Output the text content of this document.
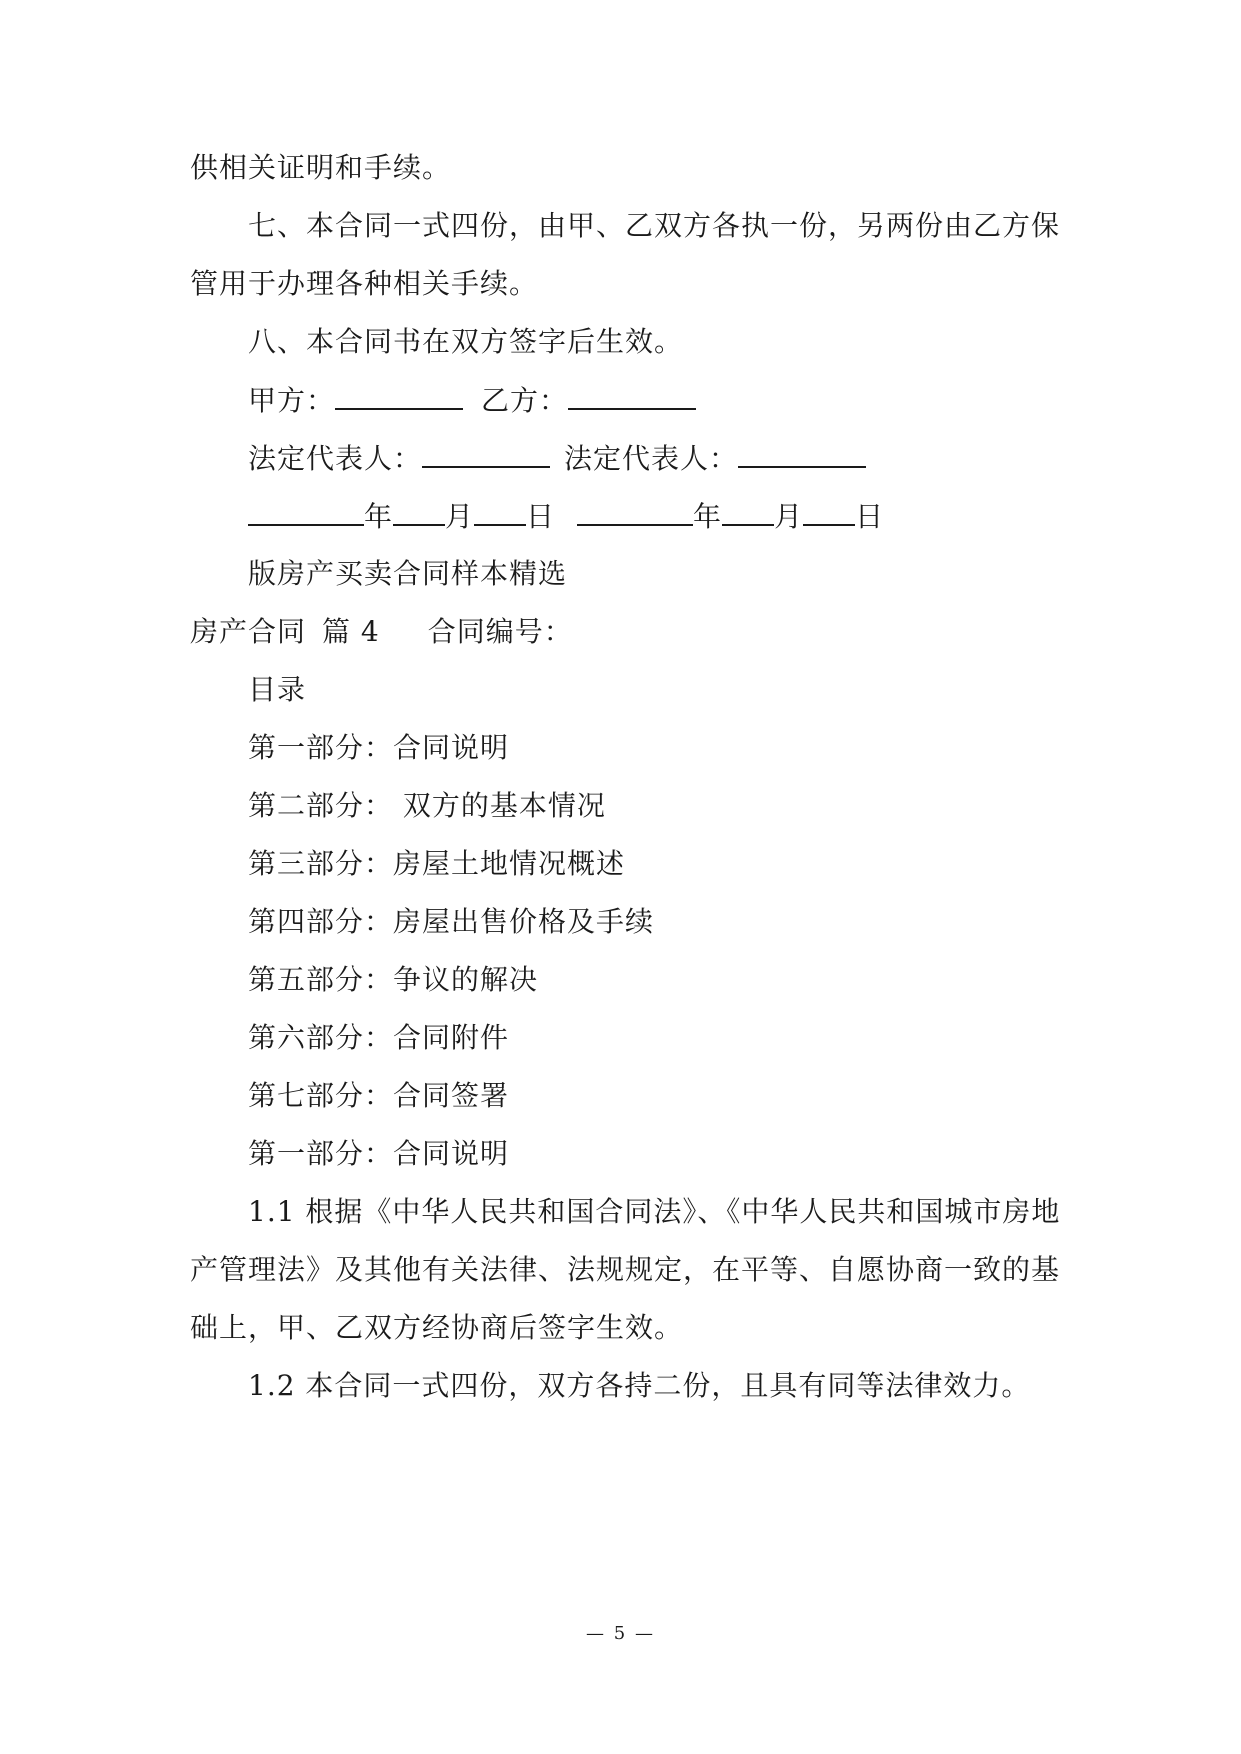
供相关证明和手续。
七、本合同一式四份，由甲、乙双方各执一份，另两份由乙方保
管用于办理各种相关手续。
八、本合同书在双方签字后生效。
甲方：	乙方：
法定代表人：	法定代表人：
年 月 日	年 月 日
版房产买卖合同样本精选
房产合同 篇 4 合同编号：
目录
第一部分：合同说明
第二部分： 双方的基本情况
第三部分：房屋土地情况概述
第四部分：房屋出售价格及手续
第五部分：争议的解决
第六部分：合同附件
第七部分：合同签署
第一部分：合同说明
1.1 根据《中华人民共和国合同法》、《中华人民共和国城市房地
产管理法》及其他有关法律、法规规定，在平等、自愿协商一致的基
础上，甲、乙双方经协商后签字生效。
1.2 本合同一式四份，双方各持二份，且具有同等法律效力。
— 5 —
